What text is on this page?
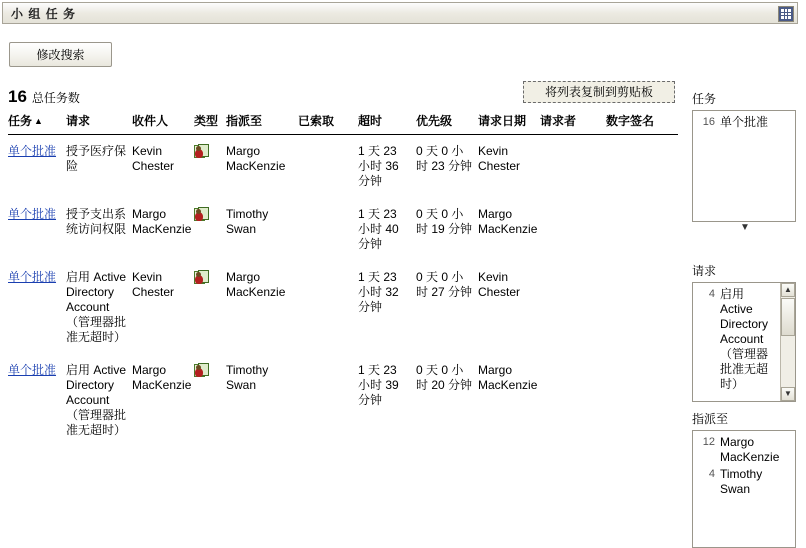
小 组 任 务
修改搜索
16 总任务数	将列表复制到剪贴板
任务 ▲	请求	收件人	类型	指派至	已索取	超时	优先级	请求日期	请求者	数字签名
单个批准	授予医疗保险	Kevin Chester		Margo MacKenzie		1 天 23 小时 36 分钟	0 天 0 小时 23 分钟	Kevin Chester		
单个批准	授予支出系统访问权限	Margo MacKenzie		Timothy Swan		1 天 23 小时 40 分钟	0 天 0 小时 19 分钟	Margo MacKenzie		
单个批准	启用 Active Directory Account（管理器批准无超时）	Kevin Chester		Margo MacKenzie		1 天 23 小时 32 分钟	0 天 0 小时 27 分钟	Kevin Chester		
单个批准	启用 Active Directory Account（管理器批准无超时）	Margo MacKenzie		Timothy Swan		1 天 23 小时 39 分钟	0 天 0 小时 20 分钟	Margo MacKenzie		
任务
16 单个批准
▼
请求
4 启用 Active Directory Account（管理器批准无超时）
▲
▼
指派至
12 Margo MacKenzie
4 Timothy Swan
